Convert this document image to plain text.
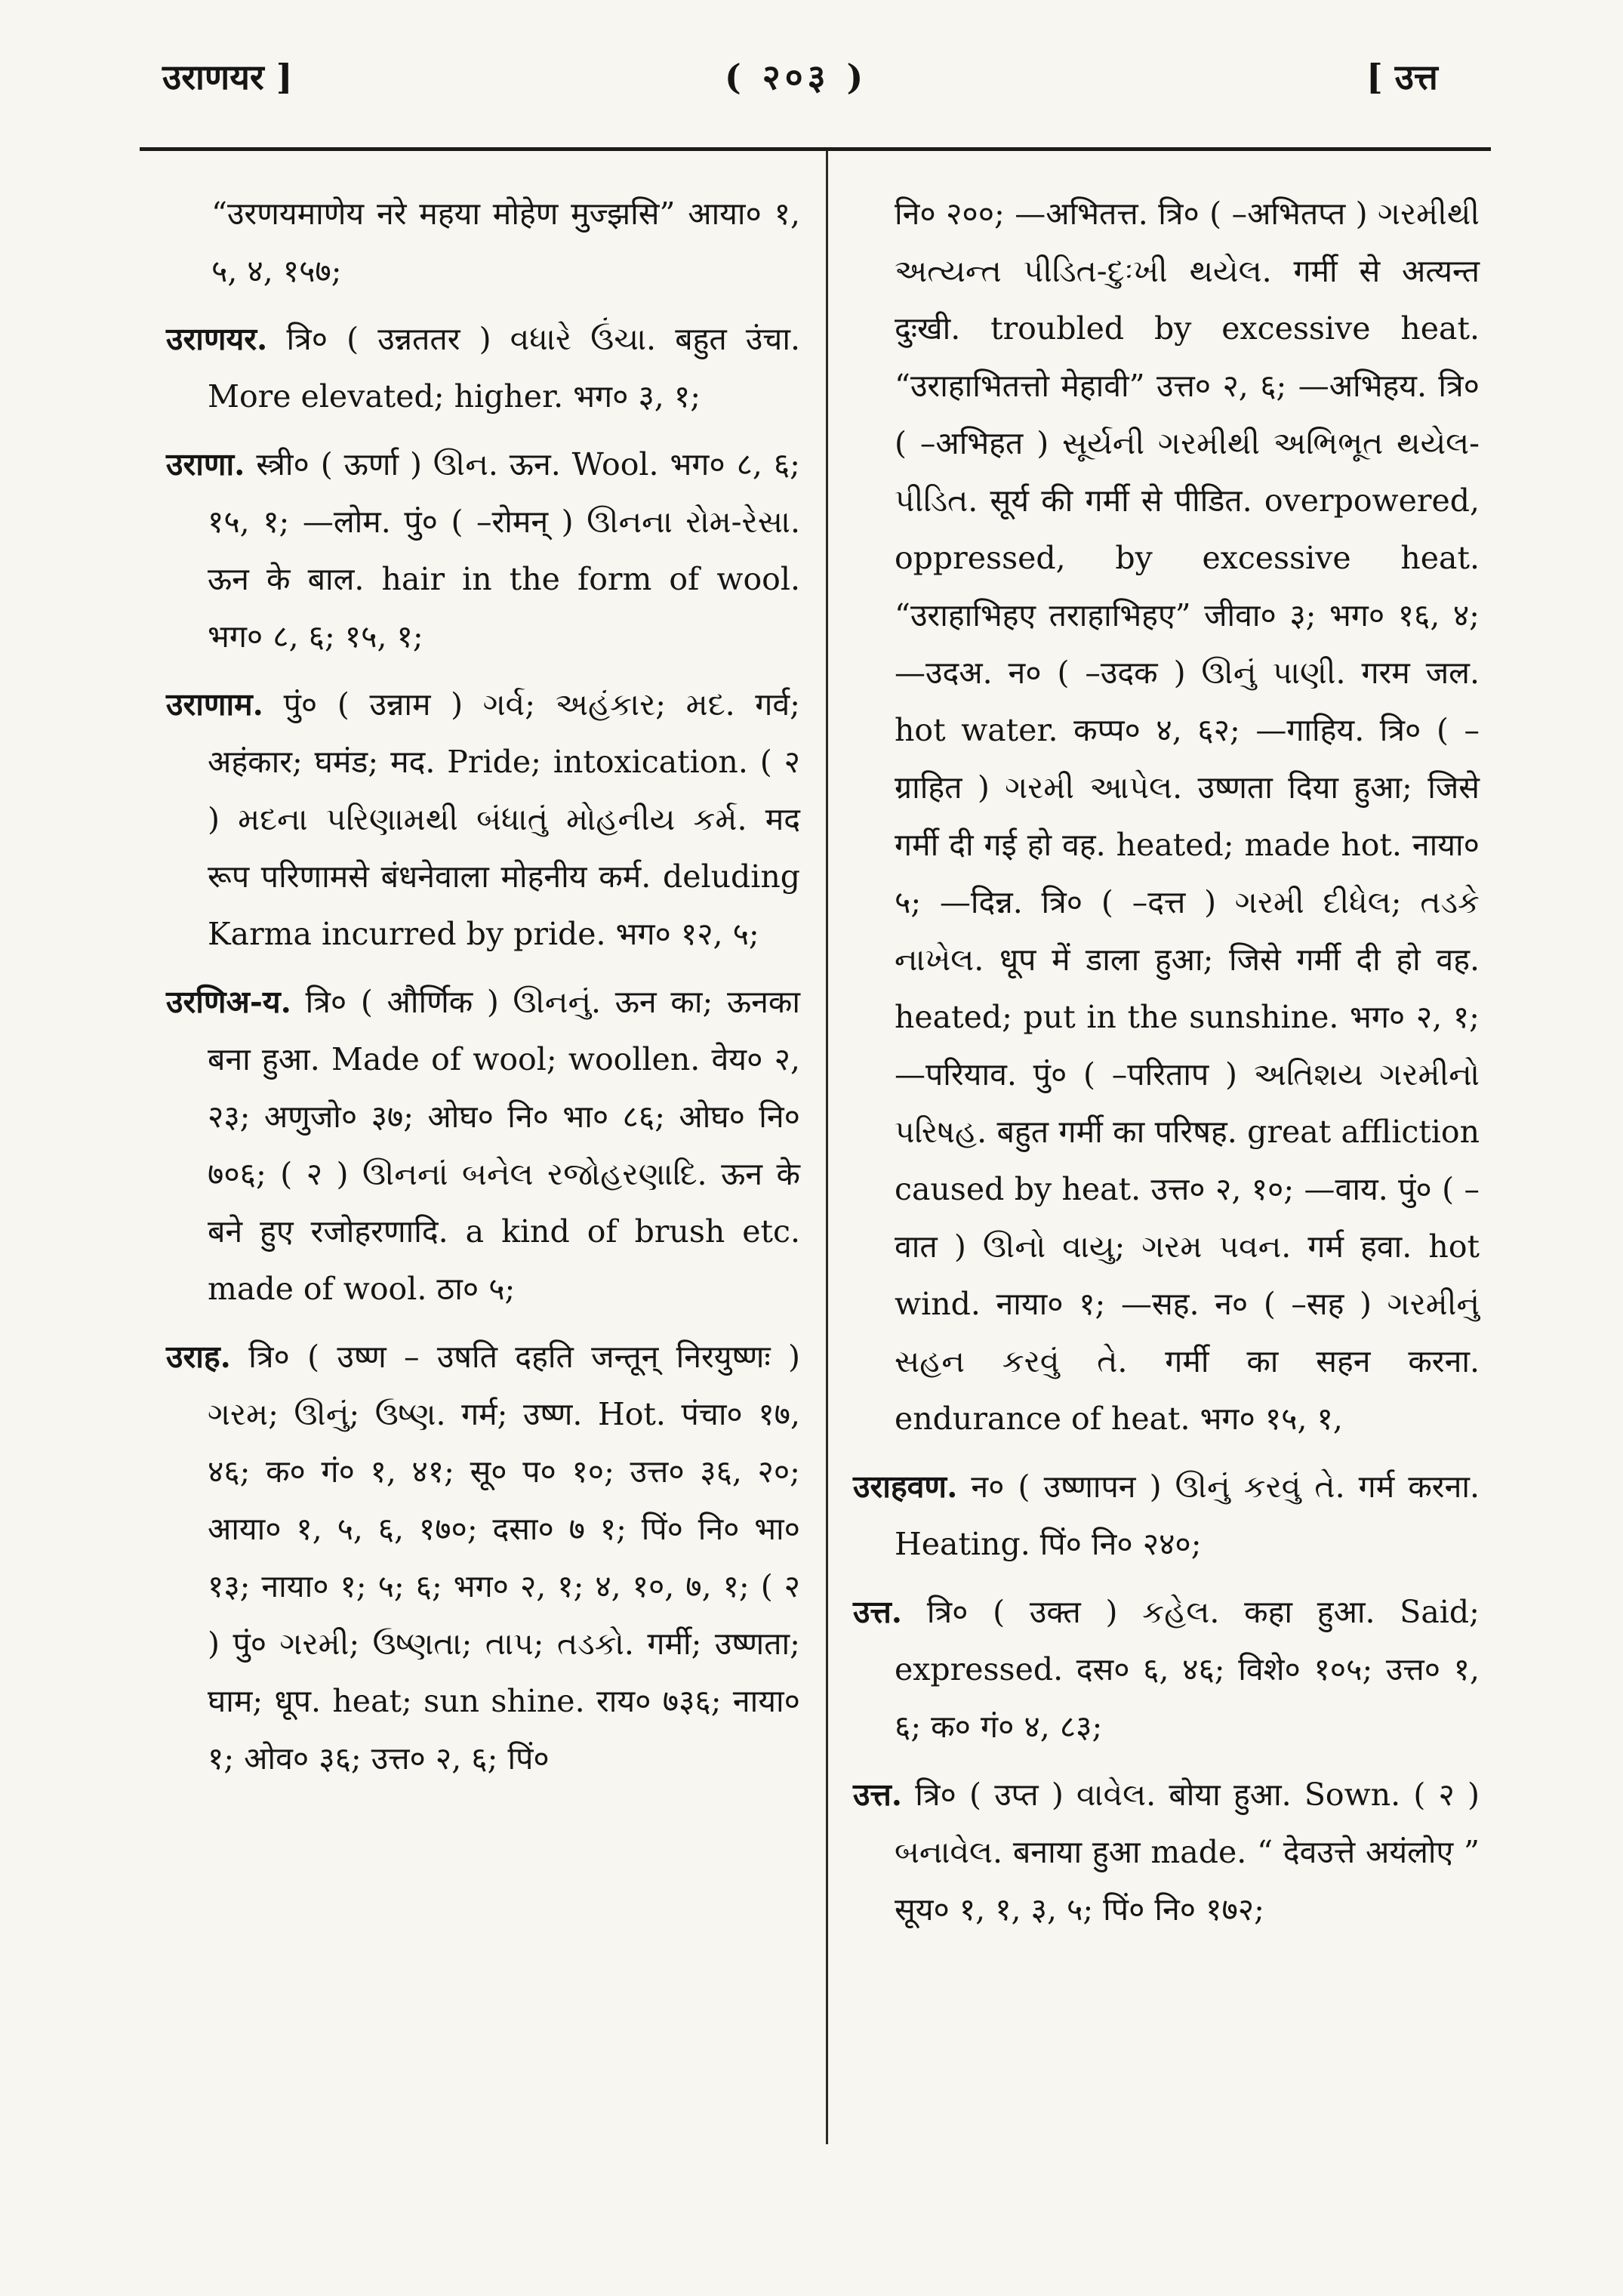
उराणयर ]	( २०३ )	[ उत्त

“उरणयमाणेय नरे महया मोहेण मुज्झसि” आया० १, ५, ४, १५७;

उराणयर. त्रि० ( उन्नततर ) વધારે ઉંચા. बहुत उंचा. More elevated; higher. भग० ३, १;

उराणा. स्त्री० ( ऊर्णा ) ઊન. ऊन. Wool. भग० ८, ६; १५, १; —लोम. पुं० ( –रोमन् ) ઊનના રોમ-રેસા. ऊन के बाल. hair in the form of wool. भग० ८, ६; १५, १;

उराणाम. पुं० ( उन्नाम ) ગર્વ; અહંકાર; મદ. गर्व; अहंकार; घमंड; मद. Pride; intoxication. ( २ ) મદના પરિણામથી બંધાતું મોહનીય કર્મ. मद रूप परिणामसे बंधनेवाला मोहनीय कर्म. deluding Karma incurred by pride. भग० १२, ५;

उरणिअ-य. त्रि० ( और्णिक ) ઊનનું. ऊन का; ऊनका बना हुआ. Made of wool; woollen. वेय० २, २३; अणुजो० ३७; ओघ० नि० भा० ८६; ओघ० नि० ७०६; ( २ ) ઊનનાં બનેલ રજોહરણાદિ. ऊन के बने हुए रजोहरणादि. a kind of brush etc. made of wool. ठा० ५;

उराह. त्रि० ( उष्ण – उषति दहति जन्तून् निरयुष्णः ) ગરમ; ઊનું; ઉષ્ણ. गर्म; उष्ण. Hot. पंचा० १७, ४६; क० गं० १, ४१; सू० प० १०; उत्त० ३६, २०; आया० १, ५, ६, १७०; दसा० ७ १; पिं० नि० भा० १३; नाया० १; ५; ६; भग० २, १; ४, १०, ७, १; ( २ ) पुं० ગરમી; ઉષ્ણતા; તાપ; તડકો. गर्मी; उष्णता; घाम; धूप. heat; sun shine. राय० ७३६; नाया० १; ओव० ३६; उत्त० २, ६; पिं०

नि० २००; —अभितत्त. त्रि० ( –अभितप्त ) ગરમીથી અત્યન્ત પીડિત-દુઃખી થયેલ. गर्मी से अत्यन्त दुःखी. troubled by excessive heat. “उराहाभितत्तो मेहावी” उत्त० २, ६; —अभिहय. त्रि० ( –अभिहत ) સૂર્યની ગરમીથી અભિભૂત થયેલ-પીડિત. सूर्य की गर्मी से पीडित. overpowered, oppressed, by excessive heat. “उराहाभिहए तराहाभिहए” जीवा० ३; भग० १६, ४; —उदअ. न० ( –उदक ) ઊનું પાણી. गरम जल. hot water. कप्प० ४, ६२; —गाहिय. त्रि० ( –ग्राहित ) ગરમી આપેલ. उष्णता दिया हुआ; जिसे गर्मी दी गई हो वह. heated; made hot. नाया० ५; —दिन्न. त्रि० ( –दत्त ) ગરમી દીધેલ; તડકે નાખેલ. धूप में डाला हुआ; जिसे गर्मी दी हो वह. heated; put in the sunshine. भग० २, १; —परियाव. पुं० ( –परिताप ) અતિશય ગરમીનો પરિષહ. बहुत गर्मी का परिषह. great affliction caused by heat. उत्त० २, १०; —वाय. पुं० ( –वात ) ઊનો વાયુ; ગરમ પવન. गर्म हवा. hot wind. नाया० १; —सह. न० ( –सह ) ગરમીનું સહન કરવું તે. गर्मी का सहन करना. endurance of heat. भग० १५, १,

उराहवण. न० ( उष्णापन ) ઊનું કરવું તે. गर्म करना. Heating. पिं० नि० २४०;

उत्त. त्रि० ( उक्त ) કહેલ. कहा हुआ. Said; expressed. दस० ६, ४६; विशे० १०५; उत्त० १, ६; क० गं० ४, ८३;

उत्त. त्रि० ( उप्त ) વાવેલ. बोया हुआ. Sown. ( २ ) બનાવેલ. बनाया हुआ made. “ देवउत्ते अयंलोए ” सूय० १, १, ३, ५; पिं० नि० १७२;
